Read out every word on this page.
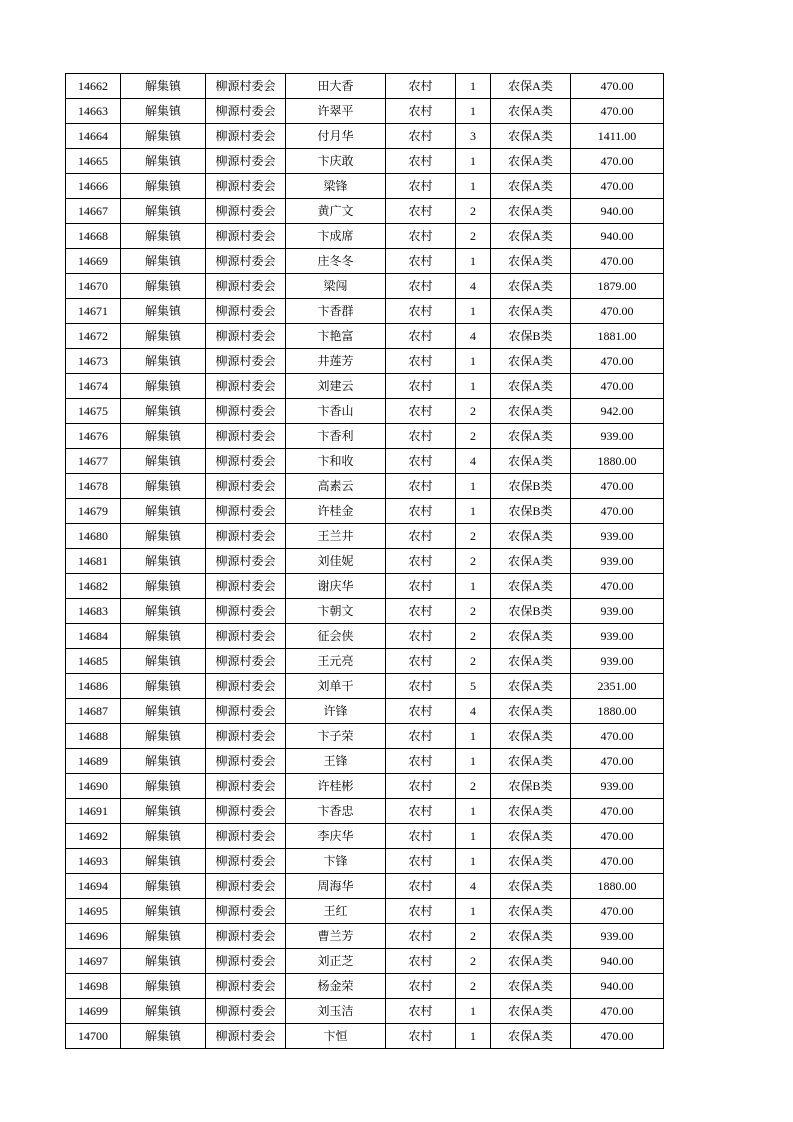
14662	解集镇	柳源村委会	田大香	农村	1	农保A类	470.00
14663	解集镇	柳源村委会	许翠平	农村	1	农保A类	470.00
14664	解集镇	柳源村委会	付月华	农村	3	农保A类	1411.00
14665	解集镇	柳源村委会	卞庆敢	农村	1	农保A类	470.00
14666	解集镇	柳源村委会	梁锋	农村	1	农保A类	470.00
14667	解集镇	柳源村委会	黄广文	农村	2	农保A类	940.00
14668	解集镇	柳源村委会	卞成席	农村	2	农保A类	940.00
14669	解集镇	柳源村委会	庄冬冬	农村	1	农保A类	470.00
14670	解集镇	柳源村委会	梁闯	农村	4	农保A类	1879.00
14671	解集镇	柳源村委会	卞香群	农村	1	农保A类	470.00
14672	解集镇	柳源村委会	卞艳富	农村	4	农保B类	1881.00
14673	解集镇	柳源村委会	井莲芳	农村	1	农保A类	470.00
14674	解集镇	柳源村委会	刘建云	农村	1	农保A类	470.00
14675	解集镇	柳源村委会	卞香山	农村	2	农保A类	942.00
14676	解集镇	柳源村委会	卞香利	农村	2	农保A类	939.00
14677	解集镇	柳源村委会	卞和收	农村	4	农保A类	1880.00
14678	解集镇	柳源村委会	高素云	农村	1	农保B类	470.00
14679	解集镇	柳源村委会	许桂金	农村	1	农保B类	470.00
14680	解集镇	柳源村委会	王兰井	农村	2	农保A类	939.00
14681	解集镇	柳源村委会	刘佳妮	农村	2	农保A类	939.00
14682	解集镇	柳源村委会	谢庆华	农村	1	农保A类	470.00
14683	解集镇	柳源村委会	卞朝文	农村	2	农保B类	939.00
14684	解集镇	柳源村委会	征会侠	农村	2	农保A类	939.00
14685	解集镇	柳源村委会	王元亮	农村	2	农保A类	939.00
14686	解集镇	柳源村委会	刘单干	农村	5	农保A类	2351.00
14687	解集镇	柳源村委会	许锋	农村	4	农保A类	1880.00
14688	解集镇	柳源村委会	卞子荣	农村	1	农保A类	470.00
14689	解集镇	柳源村委会	王锋	农村	1	农保A类	470.00
14690	解集镇	柳源村委会	许桂彬	农村	2	农保B类	939.00
14691	解集镇	柳源村委会	卞香忠	农村	1	农保A类	470.00
14692	解集镇	柳源村委会	李庆华	农村	1	农保A类	470.00
14693	解集镇	柳源村委会	卞锋	农村	1	农保A类	470.00
14694	解集镇	柳源村委会	周海华	农村	4	农保A类	1880.00
14695	解集镇	柳源村委会	王红	农村	1	农保A类	470.00
14696	解集镇	柳源村委会	曹兰芳	农村	2	农保A类	939.00
14697	解集镇	柳源村委会	刘正芝	农村	2	农保A类	940.00
14698	解集镇	柳源村委会	杨金荣	农村	2	农保A类	940.00
14699	解集镇	柳源村委会	刘玉洁	农村	1	农保A类	470.00
14700	解集镇	柳源村委会	卞恒	农村	1	农保A类	470.00
